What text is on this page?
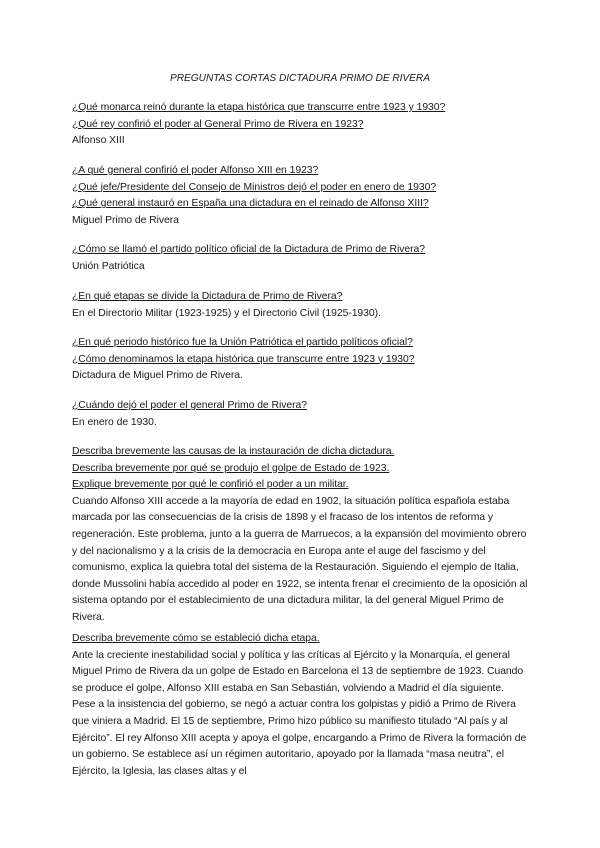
PREGUNTAS CORTAS DICTADURA PRIMO DE RIVERA
¿Qué monarca reinó durante la etapa histórica que transcurre entre 1923 y 1930?
¿Qué rey confirió el poder al General Primo de Rivera en 1923?
Alfonso XIII
¿A qué general confirió el poder Alfonso XIII en 1923?
¿Qué jefe/Presidente del Consejo de Ministros dejó el poder en enero de 1930?
¿Qué general instauró en España una dictadura en el reinado de Alfonso XIII?
Miguel Primo de Rivera
¿Cómo se llamó el partido político oficial de la Dictadura de Primo de Rivera?
Unión Patriótica
¿En qué etapas se divide la Dictadura de Primo de Rivera?
En el Directorio Militar (1923-1925) y el Directorio Civil (1925-1930).
¿En qué periodo histórico fue la Unión Patriótica el partido políticos oficial?
¿Cómo denominamos la etapa histórica que transcurre entre 1923 y 1930?
Dictadura de Miguel Primo de Rivera.
¿Cuándo dejó el poder el general Primo de Rivera?
En enero de 1930.
Describa brevemente las causas de la instauración de dicha dictadura.
Describa brevemente por qué se produjo el golpe de Estado de 1923.
Explique brevemente por qué le confirió el poder a un militar.
Cuando Alfonso XIII accede a la mayoría de edad en 1902, la situación política española estaba marcada por las consecuencias de la crisis de 1898 y el fracaso de los intentos de reforma y regeneración. Este problema, junto a la guerra de Marruecos, a la expansión del movimiento obrero y del nacionalismo y a la crisis de la democracia en Europa ante el auge del fascismo y del comunismo, explica la quiebra total del sistema de la Restauración. Siguiendo el ejemplo de Italia, donde Mussolini había accedido al poder en 1922, se intenta frenar el crecimiento de la oposición al sistema optando por el establecimiento de una dictadura militar, la del general Miguel Primo de Rivera.
Describa brevemente cómo se estableció dicha etapa.
Ante la creciente inestabilidad social y política y las críticas al Ejército y la Monarquía, el general Miguel Primo de Rivera da un golpe de Estado en Barcelona el 13 de septiembre de 1923. Cuando se produce el golpe, Alfonso XIII estaba en San Sebastián, volviendo a Madrid el día siguiente. Pese a la insistencia del gobierno, se negó a actuar contra los golpistas y pidió a Primo de Rivera que viniera a Madrid. El 15 de septiembre, Primo hizo público su manifiesto titulado “Al país y al Ejército”. El rey Alfonso XIII acepta y apoya el golpe, encargando a Primo de Rivera la formación de un gobierno. Se establece así un régimen autoritario, apoyado por la llamada “masa neutra”, el Ejército, la Iglesia, las clases altas y el
